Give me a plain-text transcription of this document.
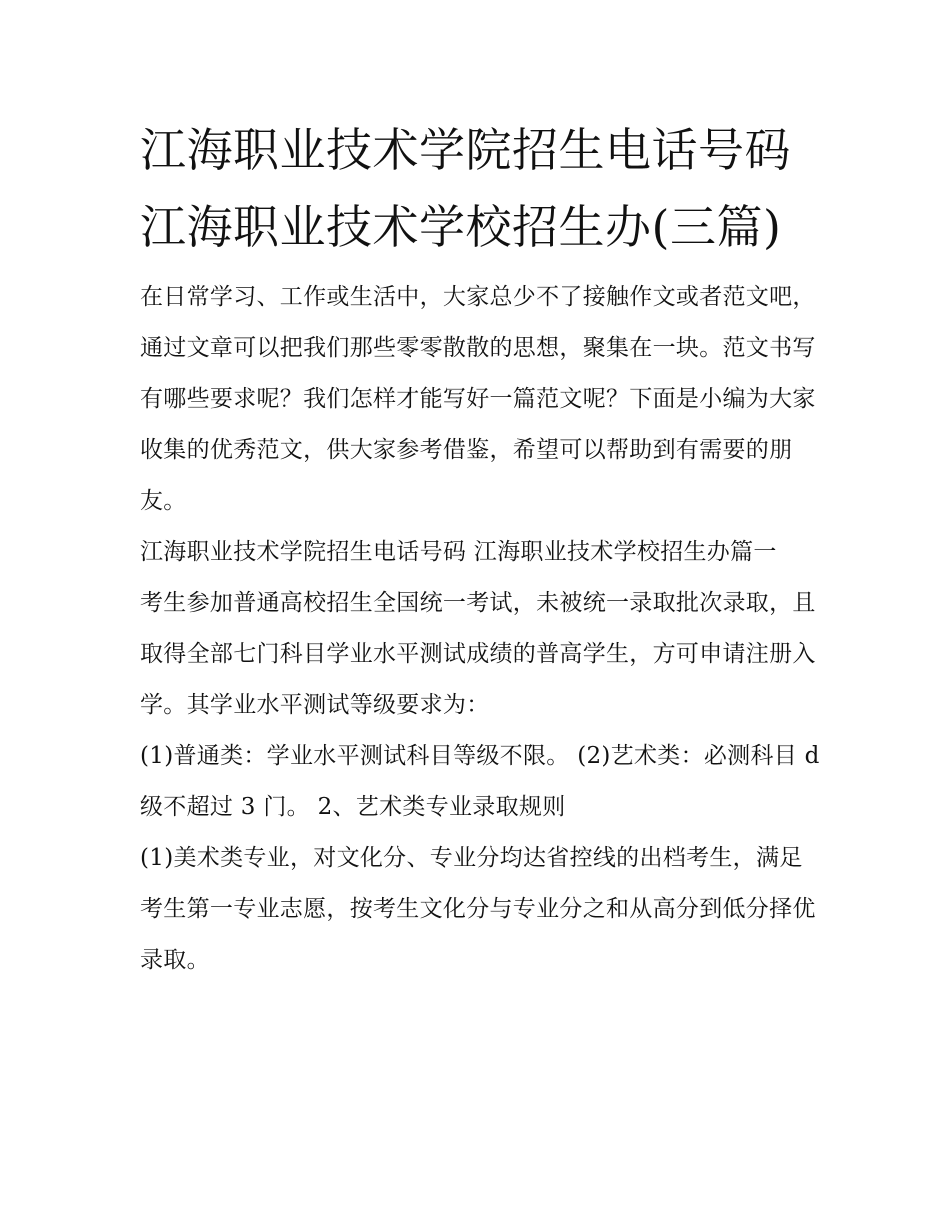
江海职业技术学院招生电话号码 江海职业技术学校招生办(三篇)

在日常学习、工作或生活中，大家总少不了接触作文或者范文吧，通过文章可以把我们那些零零散散的思想，聚集在一块。范文书写有哪些要求呢？我们怎样才能写好一篇范文呢？下面是小编为大家收集的优秀范文，供大家参考借鉴，希望可以帮助到有需要的朋友。

江海职业技术学院招生电话号码 江海职业技术学校招生办篇一

考生参加普通高校招生全国统一考试，未被统一录取批次录取，且取得全部七门科目学业水平测试成绩的普高学生，方可申请注册入学。其学业水平测试等级要求为：

(1)普通类：学业水平测试科目等级不限。 (2)艺术类：必测科目 d 级不超过 3 门。 2、艺术类专业录取规则

(1)美术类专业，对文化分、专业分均达省控线的出档考生，满足考生第一专业志愿，按考生文化分与专业分之和从高分到低分择优录取。
